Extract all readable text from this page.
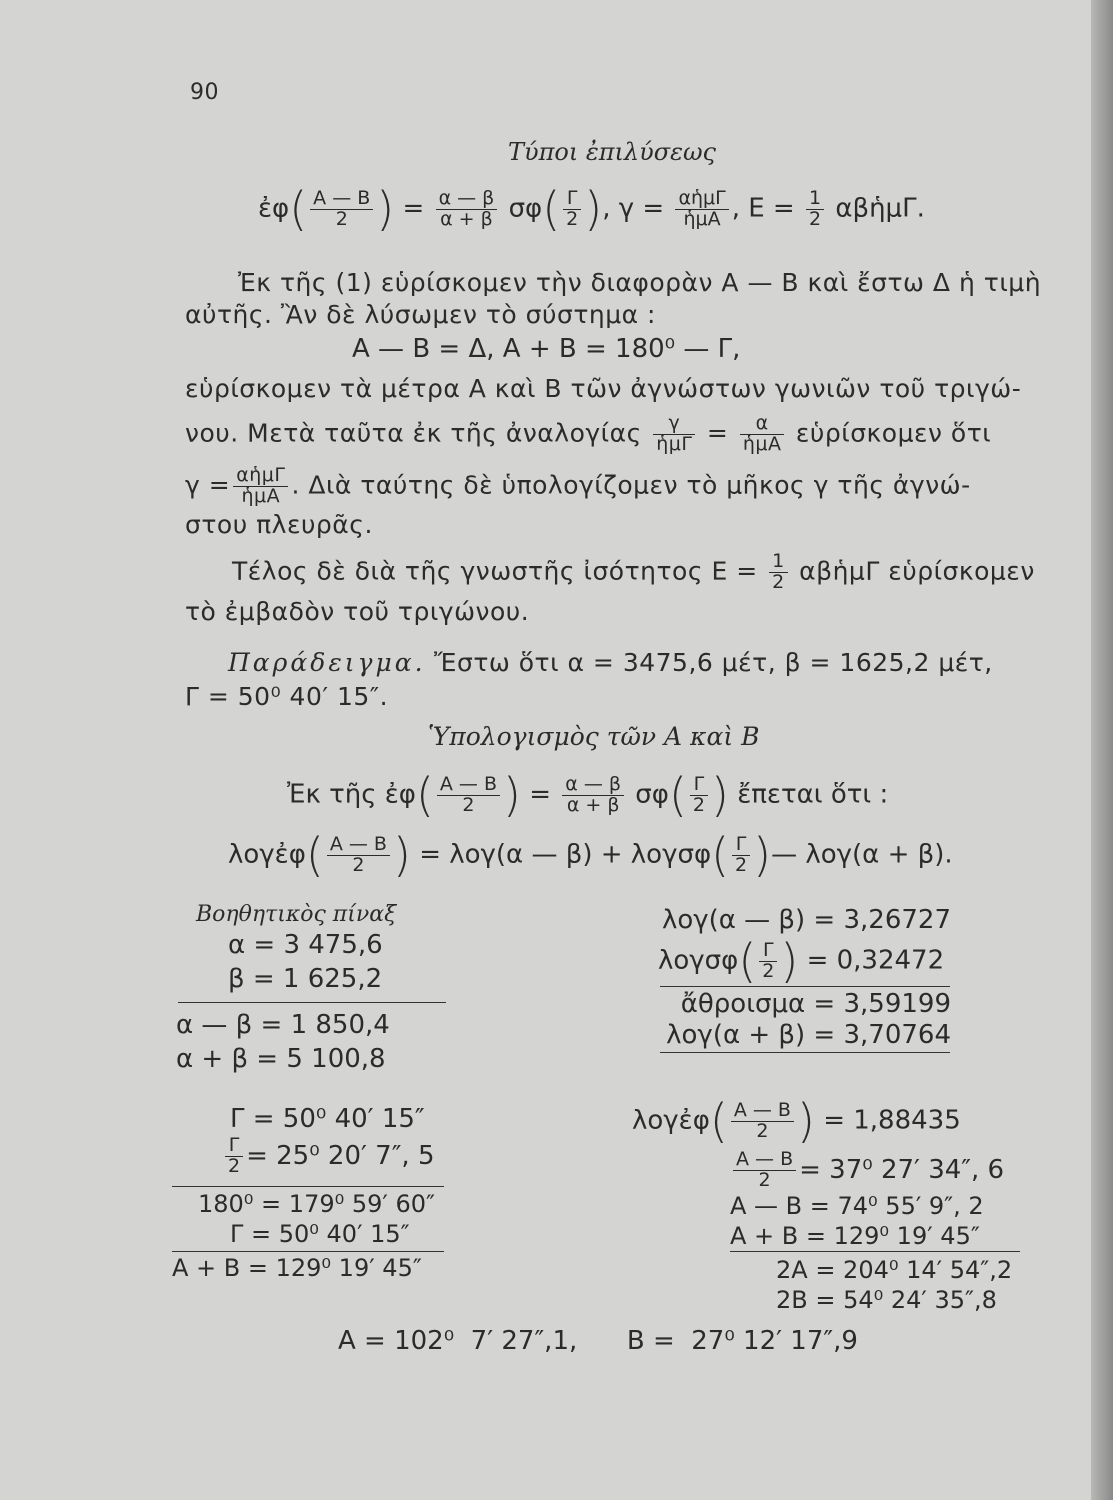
90
Τύποι ἐπιλύσεως
ἐφ( $\frac{A — B}{2}$ ) = $\frac{\alpha — \beta}{\alpha + \beta} \sigma\varphi( \frac{\Gamma}{2}$ ), $\gamma = \frac{\text{αἡμΓ}}{\text{ἡμΑ}}$ , $E = \frac{1}{2}$ αβἡμΓ.
Ἐκ τῆς (1) εὑρίσκομεν τὴν διαφορὰν Α — Β καὶ ἔστω Δ ἡ τιμὴ
αὐτῆς. Ἂν δὲ λύσωμεν τὸ σύστημα :
Α — Β = Δ, Α + Β = 180⁰ — Γ,
εὑρίσκομεν τὰ μέτρα Α καὶ Β τῶν ἀγνώστων γωνιῶν τοῦ τριγώ-
νου. Μετὰ ταῦτα ἐκ τῆς ἀναλογίας $\frac{\gamma}{\text{ἡμΓ}} = \frac{\alpha}{\text{ἡμΑ}}$ εὑρίσκομεν ὅτι
$\gamma = \frac{\text{αἡμΓ}}{\text{ἡμΑ}}$ . Διὰ ταύτης δὲ ὑπολογίζομεν τὸ μῆκος γ τῆς ἀγνώ-
στου πλευρᾶς.
Τέλος δὲ διὰ τῆς γνωστῆς ἰσότητος $E = \frac{1}{2}$ αβἡμΓ εὑρίσκομεν
τὸ ἐμβαδὸν τοῦ τριγώνου.
Παράδειγμα. Ἔστω ὅτι α = 3475,6 μέτ, β = 1625,2 μέτ,
Γ = 50⁰ 40′ 15″.
Ὑπολογισμὸς τῶν Α καὶ Β
Ἐκ τῆς ἐφ( $\frac{A — B}{2}$ ) = $\frac{\alpha — \beta}{\alpha + \beta} \sigma\varphi( \frac{\Gamma}{2}$ ) ἔπεται ὅτι :
λογἐφ( $\frac{A — B}{2}$ ) = λογ(α — $\beta) + \lambda o\gamma\sigma\varphi( \frac{\Gamma}{2}$ )— λογ(α + β).
Βοηθητικὸς πίναξ
α = 3 475,6
β = 1 625,2
α — β = 1 850,4
α + β = 5 100,8
λογ(α — β) = 3,26727
$\lambda o\gamma\sigma\varphi( \frac{\Gamma}{2}$ ) = 0,32472
ἄθροισμα = 3,59199
λογ(α + β) = 3,70764
Γ = 50⁰ 40′ 15″
$\frac{\Gamma}{2} = 25^0$ 20′ 7″, 5
180⁰ = 179⁰ 59′ 60″
Γ = 50⁰ 40′ 15″
Α + Β = 129⁰ 19′ 45″
λογἐφ( $\frac{A — B}{2}$ ) = 1,88435
$\frac{A — B}{2} = 37^0$ 27′ 34″, 6
Α — Β = 74⁰ 55′ 9″, 2
Α + Β = 129⁰ 19′ 45″
2Α = 204⁰ 14′ 54″,2
2Β = 54⁰ 24′ 35″,8
Α = 102⁰  7′ 27″,1,      Β =  27⁰ 12′ 17″,9
